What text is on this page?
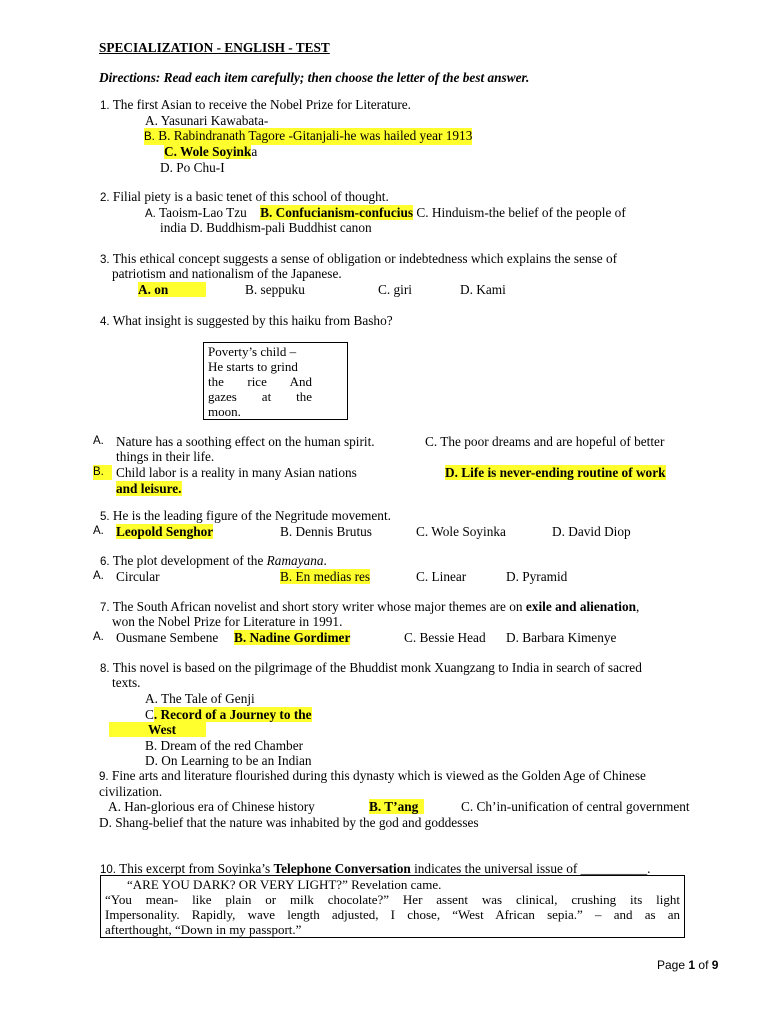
SPECIALIZATION - ENGLISH - TEST
Directions: Read each item carefully; then choose the letter of the best answer.
1. The first Asian to receive the Nobel Prize for Literature.
A. Yasunari Kawabata-
B. B. Rabindranath Tagore -Gitanjali-he was hailed year 1913
C. Wole Soyinka
D. Po Chu-I
2. Filial piety is a basic tenet of this school of thought.
A. Taoism-Lao Tzu B. Confucianism-confucius C. Hinduism-the belief of the people of
india D. Buddhism-pali Buddhist canon
3. This ethical concept suggests a sense of obligation or indebtedness which explains the sense of
patriotism and nationalism of the Japanese.
A. on	B. seppuku	C. giri	D. Kami
4. What insight is suggested by this haiku from Basho?
Poverty’s child –
He starts to grind
the rice And
gazes at the
moon.
A. Nature has a soothing effect on the human spirit.	C. The poor dreams and are hopeful of better
things in their life.
B. Child labor is a reality in many Asian nations	D. Life is never-ending routine of work
and leisure.
5. He is the leading figure of the Negritude movement.
A. Leopold Senghor	B. Dennis Brutus	C. Wole Soyinka	D. David Diop
6. The plot development of the Ramayana.
A. Circular	B. En medias res	C. Linear	D. Pyramid
7. The South African novelist and short story writer whose major themes are on exile and alienation,
won the Nobel Prize for Literature in 1991.
A. Ousmane Sembene B. Nadine Gordimer	C. Bessie Head D. Barbara Kimenye
8. This novel is based on the pilgrimage of the Bhuddist monk Xuangzang to India in search of sacred
texts.
A. The Tale of Genji
C. Record of a Journey to the
West
B. Dream of the red Chamber
D. On Learning to be an Indian
9. Fine arts and literature flourished during this dynasty which is viewed as the Golden Age of Chinese
civilization.
A. Han-glorious era of Chinese history	B. T’ang	C. Ch’in-unification of central government
D. Shang-belief that the nature was inhabited by the god and goddesses
10. This excerpt from Soyinka’s Telephone Conversation indicates the universal issue of __________.
“ARE YOU DARK? OR VERY LIGHT?” Revelation came.
“You mean- like plain or milk chocolate?” Her assent was clinical, crushing its light
Impersonality. Rapidly, wave length adjusted, I chose, “West African sepia.” – and as an
afterthought, “Down in my passport.”
Page 1 of 9
